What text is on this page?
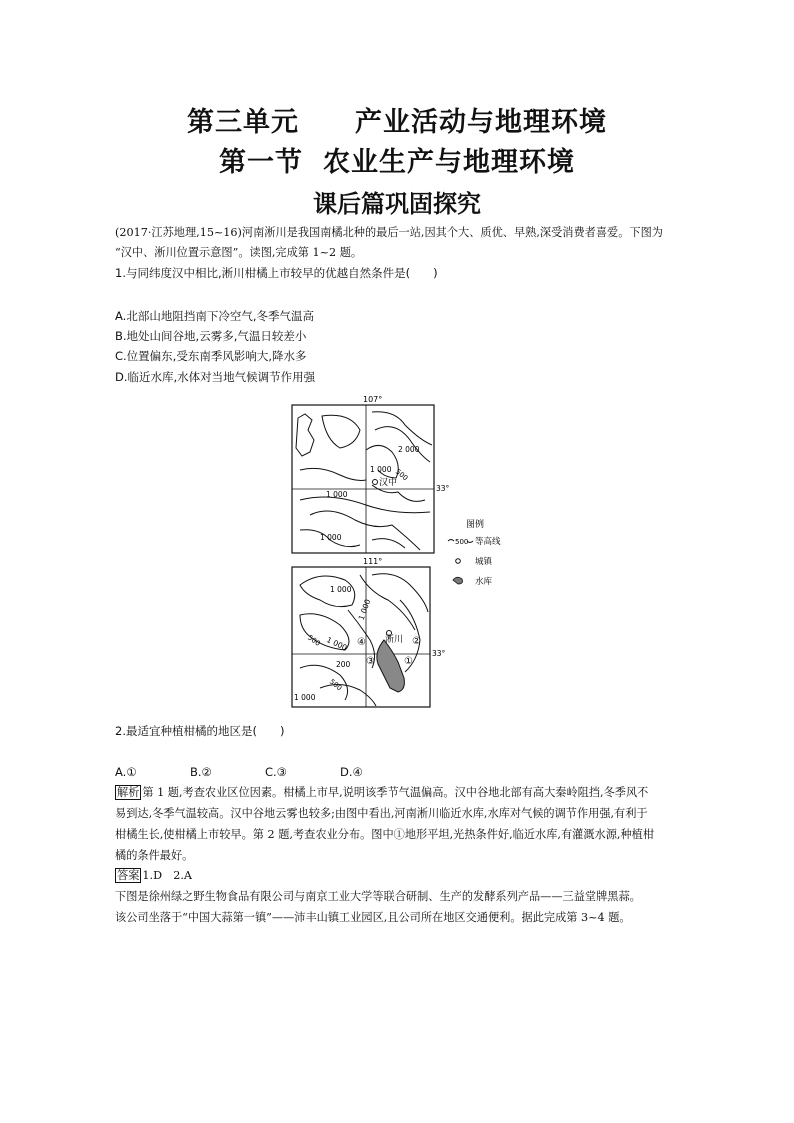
第三单元 产业活动与地理环境
第一节 农业生产与地理环境
课后篇巩固探究
(2017·江苏地理,15~16)河南淅川是我国南橘北种的最后一站,因其个大、质优、早熟,深受消费者喜爱。下图为
“汉中、淅川位置示意图”。读图,完成第 1~2 题。
1.与同纬度汉中相比,淅川柑橘上市较早的优越自然条件是(　　)
A.北部山地阻挡南下冷空气,冬季气温高
B.地处山间谷地,云雾多,气温日较差小
C.位置偏东,受东南季风影响大,降水多
D.临近水库,水体对当地气候调节作用强
107°
2 000
1 000 500
1 000
1 000
汉中
33°
111°
1 000
1 000
500 1 000
200
500
1 000
④ 淅川 ②
③	①
33°
图例
500 等高线
城镇
水库
2.最适宜种植柑橘的地区是(　　)
A.①	B.②	C.③	D.④
解析 第 1 题,考查农业区位因素。柑橘上市早,说明该季节气温偏高。汉中谷地北部有高大秦岭阻挡,冬季风不
易到达,冬季气温较高。汉中谷地云雾也较多;由图中看出,河南淅川临近水库,水库对气候的调节作用强,有利于
柑橘生长,使柑橘上市较早。第 2 题,考查农业分布。图中①地形平坦,光热条件好,临近水库,有灌溉水源,种植柑
橘的条件最好。
答案 1.D　2.A
下图是徐州绿之野生物食品有限公司与南京工业大学等联合研制、生产的发酵系列产品——三益堂牌黑蒜。
该公司坐落于“中国大蒜第一镇”——沛丰山镇工业园区,且公司所在地区交通便利。据此完成第 3~4 题。
